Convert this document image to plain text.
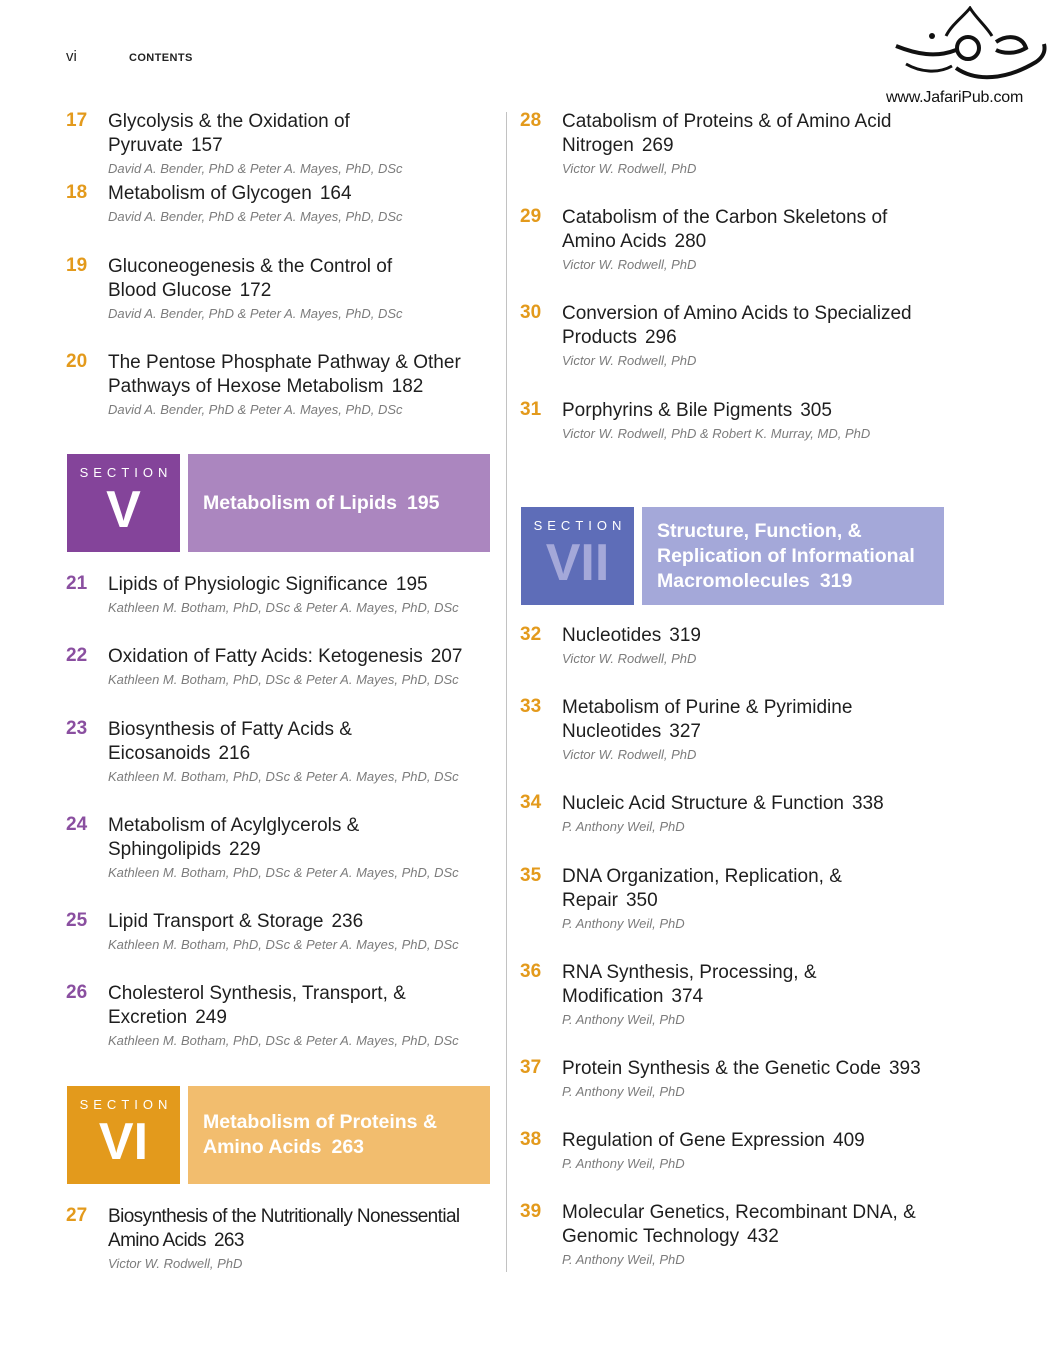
vi	CONTENTS
www.JafariPub.com
17	Glycolysis & the Oxidation of Pyruvate 157
David A. Bender, PhD & Peter A. Mayes, PhD, DSc
18	Metabolism of Glycogen 164
David A. Bender, PhD & Peter A. Mayes, PhD, DSc
19	Gluconeogenesis & the Control of Blood Glucose 172
David A. Bender, PhD & Peter A. Mayes, PhD, DSc
20	The Pentose Phosphate Pathway & Other Pathways of Hexose Metabolism 182
David A. Bender, PhD & Peter A. Mayes, PhD, DSc
SECTION
V	Metabolism of Lipids 195
21	Lipids of Physiologic Significance 195
Kathleen M. Botham, PhD, DSc & Peter A. Mayes, PhD, DSc
22	Oxidation of Fatty Acids: Ketogenesis 207
Kathleen M. Botham, PhD, DSc & Peter A. Mayes, PhD, DSc
23	Biosynthesis of Fatty Acids & Eicosanoids 216
Kathleen M. Botham, PhD, DSc & Peter A. Mayes, PhD, DSc
24	Metabolism of Acylglycerols & Sphingolipids 229
Kathleen M. Botham, PhD, DSc & Peter A. Mayes, PhD, DSc
25	Lipid Transport & Storage 236
Kathleen M. Botham, PhD, DSc & Peter A. Mayes, PhD, DSc
26	Cholesterol Synthesis, Transport, & Excretion 249
Kathleen M. Botham, PhD, DSc & Peter A. Mayes, PhD, DSc
SECTION
VI	Metabolism of Proteins & Amino Acids 263
27	Biosynthesis of the Nutritionally Nonessential Amino Acids 263
Victor W. Rodwell, PhD
28	Catabolism of Proteins & of Amino Acid Nitrogen 269
Victor W. Rodwell, PhD
29	Catabolism of the Carbon Skeletons of Amino Acids 280
Victor W. Rodwell, PhD
30	Conversion of Amino Acids to Specialized Products 296
Victor W. Rodwell, PhD
31	Porphyrins & Bile Pigments 305
Victor W. Rodwell, PhD & Robert K. Murray, MD, PhD
SECTION
VII
Structure, Function, & Replication of Informational Macromolecules 319
32	Nucleotides 319
Victor W. Rodwell, PhD
33	Metabolism of Purine & Pyrimidine Nucleotides 327
Victor W. Rodwell, PhD
34	Nucleic Acid Structure & Function 338
P. Anthony Weil, PhD
35	DNA Organization, Replication, & Repair 350
P. Anthony Weil, PhD
36	RNA Synthesis, Processing, & Modification 374
P. Anthony Weil, PhD
37	Protein Synthesis & the Genetic Code 393
P. Anthony Weil, PhD
38	Regulation of Gene Expression 409
P. Anthony Weil, PhD
39	Molecular Genetics, Recombinant DNA, & Genomic Technology 432
P. Anthony Weil, PhD
